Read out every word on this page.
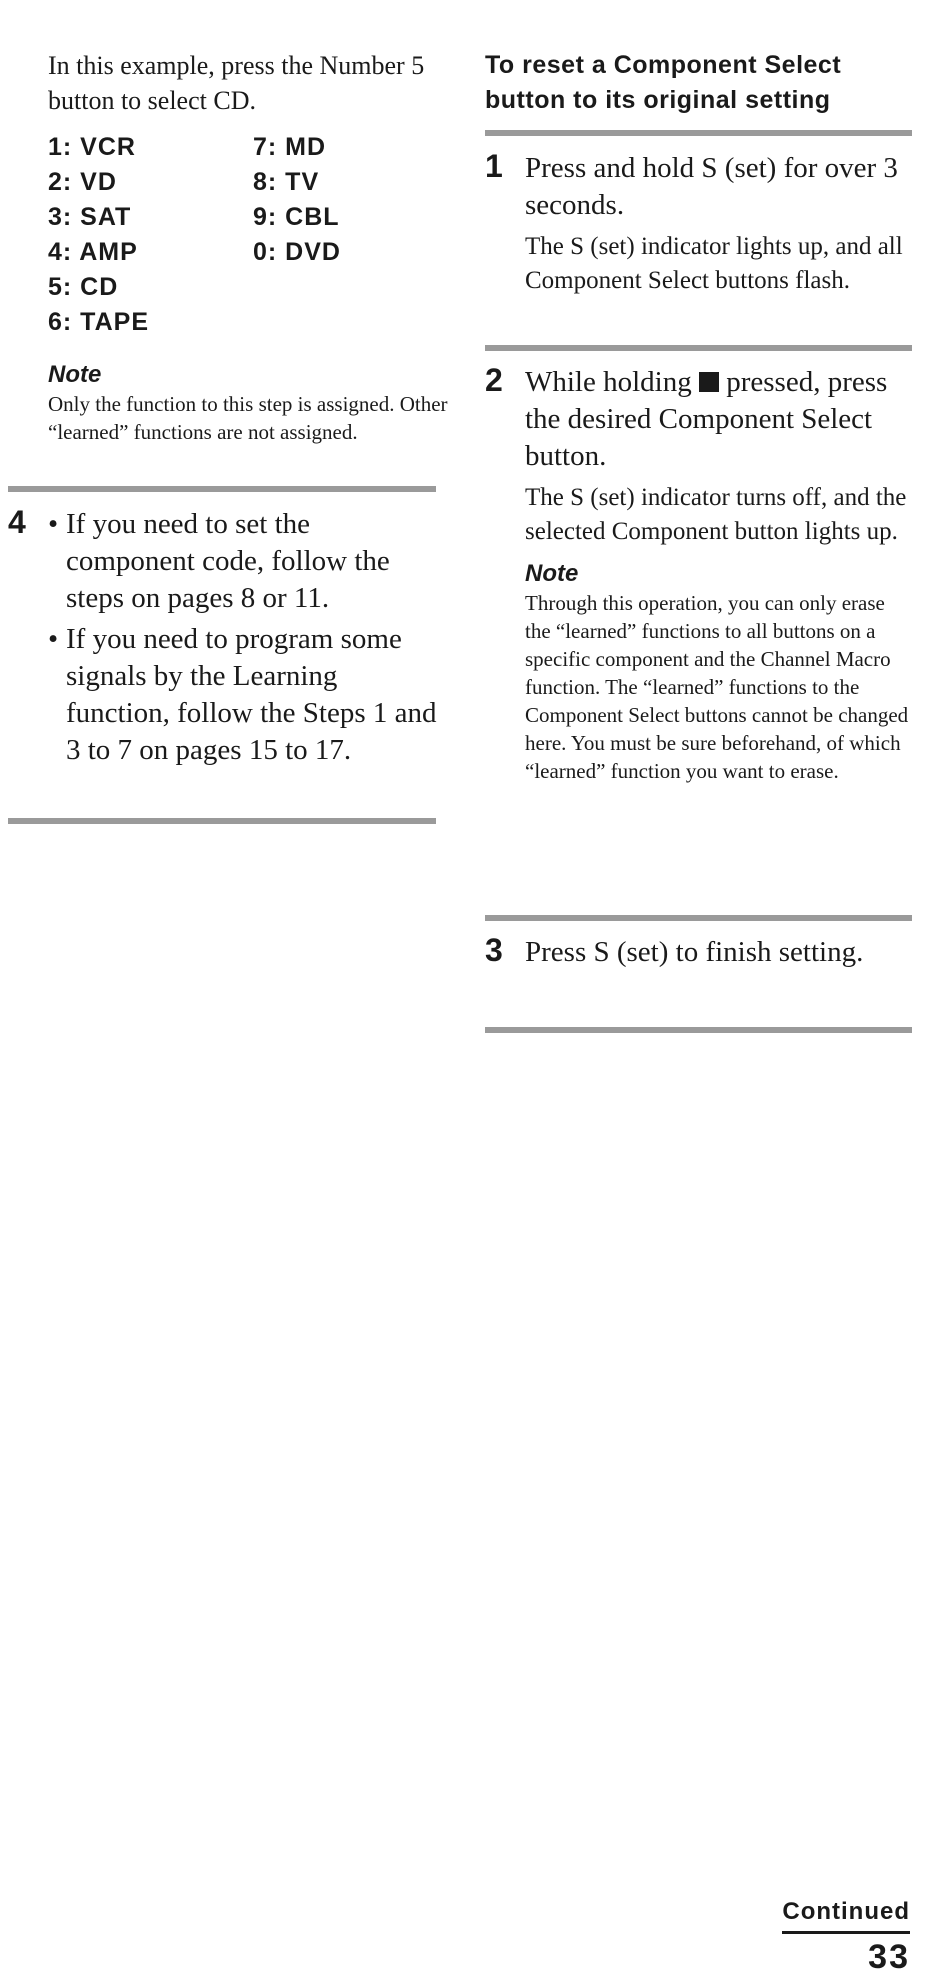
In this example, press the Number 5 button to select CD.
1: VCR
2: VD
3: SAT
4: AMP
5: CD
6: TAPE
7: MD
8: TV
9: CBL
0: DVD
Note
Only the function to this step is assigned. Other “learned” functions are not assigned.
4 • If you need to set the component code, follow the steps on pages 8 or 11.
• If you need to program some signals by the Learning function, follow the Steps 1 and 3 to 7 on pages 15 to 17.
To reset a Component Select button to its original setting
1 Press and hold S (set) for over 3 seconds.
The S (set) indicator lights up, and all Component Select buttons flash.
2 While holding pressed, press the desired Component Select button.
The S (set) indicator turns off, and the selected Component button lights up.
Note
Through this operation, you can only erase the “learned” functions to all buttons on a specific component and the Channel Macro function. The “learned” functions to the Component Select buttons cannot be changed here. You must be sure beforehand, of which “learned” function you want to erase.
3 Press S (set) to finish setting.
Continued
33
